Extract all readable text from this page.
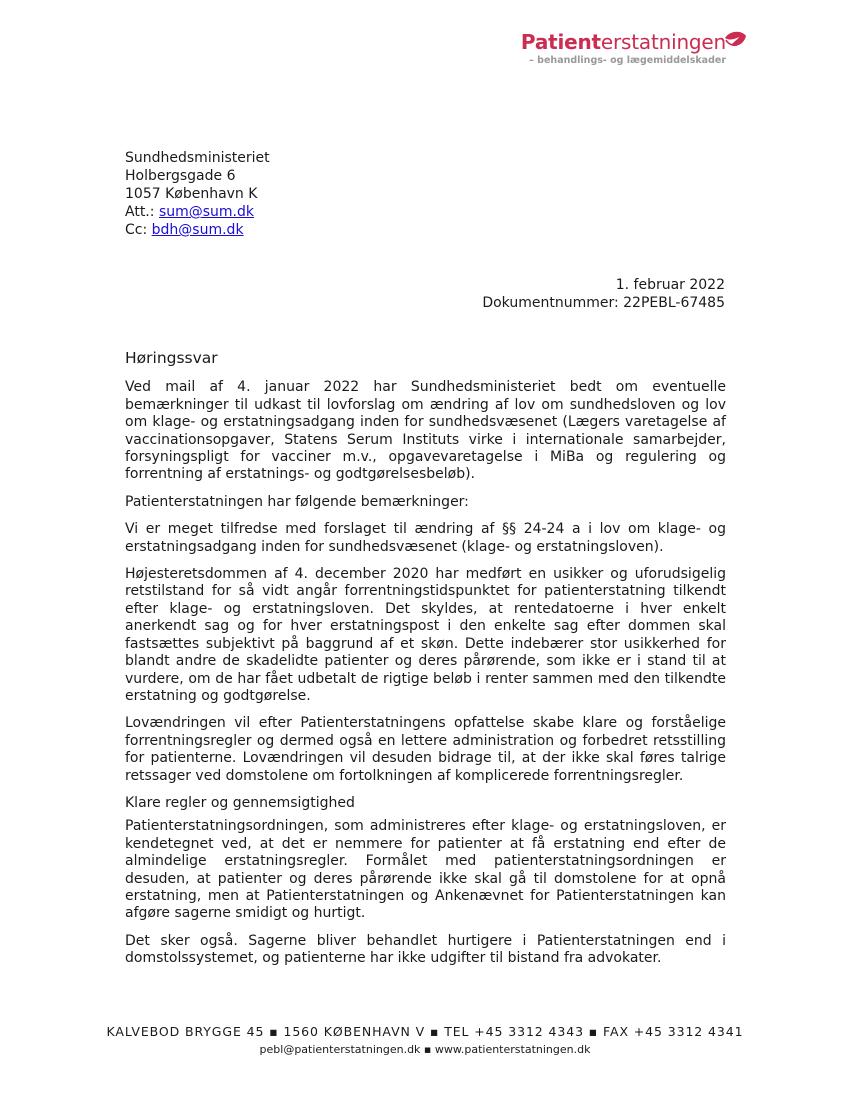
Patient erstatningen
– behandlings- og lægemiddelskader
Sundhedsministeriet
Holbergsgade 6
1057 København K
Att.: sum@sum.dk
Cc: bdh@sum.dk
1. februar 2022
Dokumentnummer: 22PEBL-67485
Høringssvar

Ved mail af 4. januar 2022 har Sundhedsministeriet bedt om eventuelle bemærkninger til udkast til lovforslag om ændring af lov om sundhedsloven og lov om klage- og erstatningsadgang inden for sundhedsvæsenet (Lægers varetagelse af vaccinationsopgaver, Statens Serum Instituts virke i internationale samarbejder, forsyningspligt for vacciner m.v., opgavevaretagelse i MiBa og regulering og forrentning af erstatnings- og godtgørelsesbeløb).

Patienterstatningen har følgende bemærkninger:

Vi er meget tilfredse med forslaget til ændring af §§ 24-24 a i lov om klage- og erstatningsadgang inden for sundhedsvæsenet (klage- og erstatningsloven).

Højesteretsdommen af 4. december 2020 har medført en usikker og uforudsigelig retstilstand for så vidt angår forrentningstidspunktet for patienterstatning tilkendt efter klage- og erstatningsloven. Det skyldes, at rentedatoerne i hver enkelt anerkendt sag og for hver erstatningspost i den enkelte sag efter dommen skal fastsættes subjektivt på baggrund af et skøn. Dette indebærer stor usikkerhed for blandt andre de skadelidte patienter og deres pårørende, som ikke er i stand til at vurdere, om de har fået udbetalt de rigtige beløb i renter sammen med den tilkendte erstatning og godtgørelse.

Lovændringen vil efter Patienterstatningens opfattelse skabe klare og forståelige forrentningsregler og dermed også en lettere administration og forbedret retsstilling for patienterne. Lovændringen vil desuden bidrage til, at der ikke skal føres talrige retssager ved domstolene om fortolkningen af komplicerede forrentningsregler.

Klare regler og gennemsigtighed

Patienterstatningsordningen, som administreres efter klage- og erstatningsloven, er kendetegnet ved, at det er nemmere for patienter at få erstatning end efter de almindelige erstatningsregler. Formålet med patienterstatningsordningen er desuden, at patienter og deres pårørende ikke skal gå til domstolene for at opnå erstatning, men at Patienterstatningen og Ankenævnet for Patienterstatningen kan afgøre sagerne smidigt og hurtigt.

Det sker også. Sagerne bliver behandlet hurtigere i Patienterstatningen end i domstolssystemet, og patienterne har ikke udgifter til bistand fra advokater.

KALVEBOD BRYGGE 45 ▪ 1560 KØBENHAVN V ▪ TEL +45 3312 4343 ▪ FAX +45 3312 4341
pebl@patienterstatningen.dk ▪ www.patienterstatningen.dk
